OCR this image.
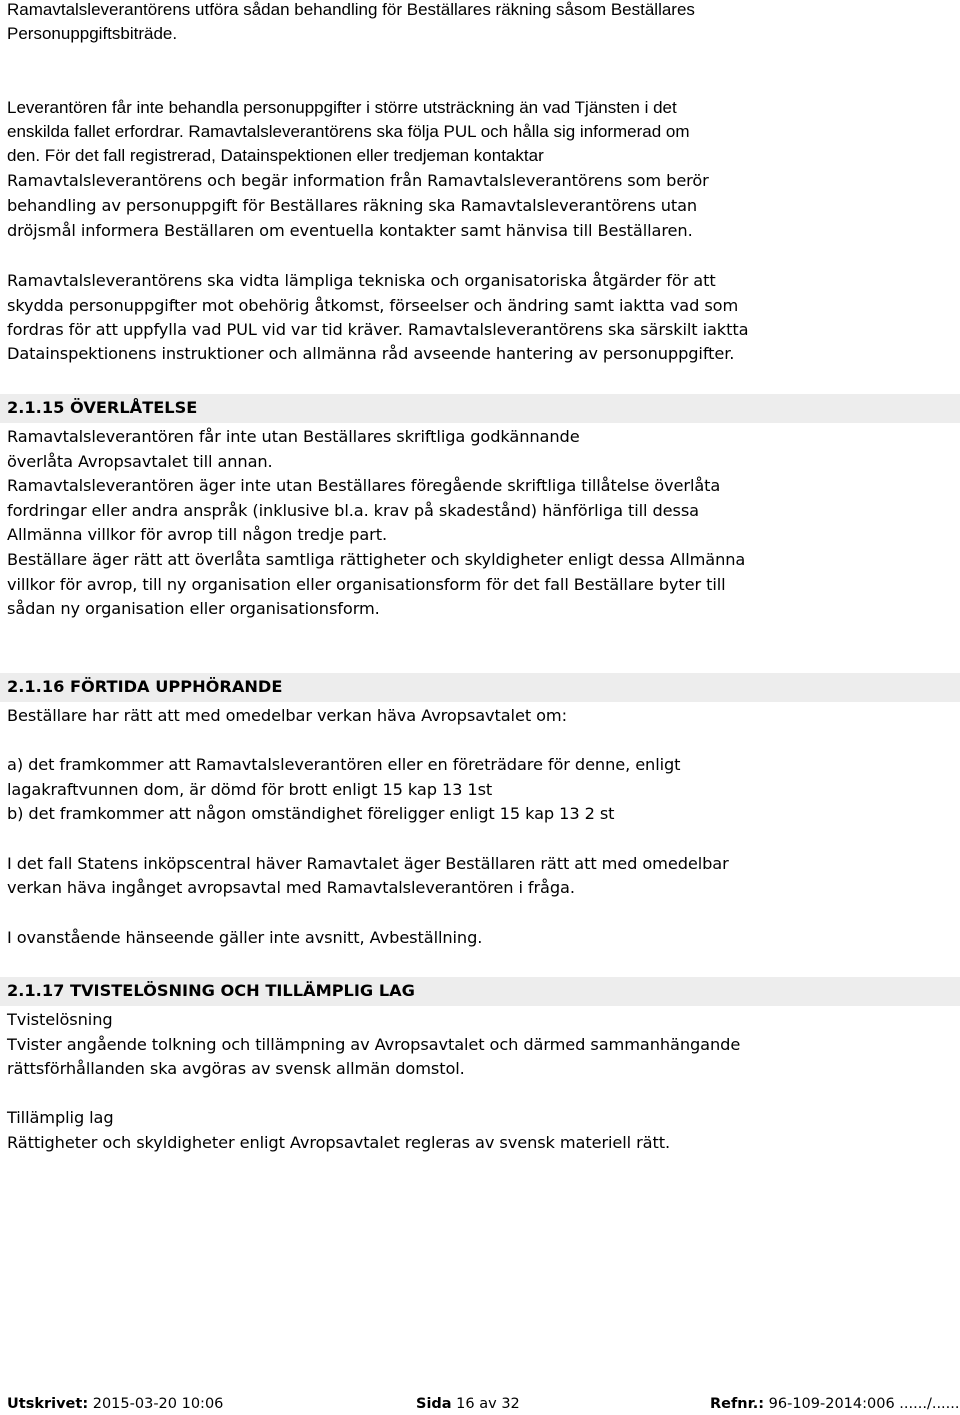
Ramavtalsleverantörens utföra sådan behandling för Beställares räkning såsom Beställares
Personuppgiftsbiträde.
Leverantören får inte behandla personuppgifter i större utsträckning än vad Tjänsten i det
enskilda fallet erfordrar. Ramavtalsleverantörens ska följa PUL och hålla sig informerad om
den. För det fall registrerad, Datainspektionen eller tredjeman kontaktar
Ramavtalsleverantörens och begär information från Ramavtalsleverantörens som berör
behandling av personuppgift för Beställares räkning ska Ramavtalsleverantörens utan
dröjsmål informera Beställaren om eventuella kontakter samt hänvisa till Beställaren.
Ramavtalsleverantörens ska vidta lämpliga tekniska och organisatoriska åtgärder för att
skydda personuppgifter mot obehörig åtkomst, förseelser och ändring samt iaktta vad som
fordras för att uppfylla vad PUL vid var tid kräver. Ramavtalsleverantörens ska särskilt iaktta
Datainspektionens instruktioner och allmänna råd avseende hantering av personuppgifter.
2.1.15 ÖVERLÅTELSE
Ramavtalsleverantören får inte utan Beställares skriftliga godkännande
överlåta Avropsavtalet till annan.
Ramavtalsleverantören äger inte utan Beställares föregående skriftliga tillåtelse överlåta
fordringar eller andra anspråk (inklusive bl.a. krav på skadestånd) hänförliga till dessa
Allmänna villkor för avrop till någon tredje part.
Beställare äger rätt att överlåta samtliga rättigheter och skyldigheter enligt dessa Allmänna
villkor för avrop, till ny organisation eller organisationsform för det fall Beställare byter till
sådan ny organisation eller organisationsform.
2.1.16 FÖRTIDA UPPHÖRANDE
Beställare har rätt att med omedelbar verkan häva Avropsavtalet om:
a) det framkommer att Ramavtalsleverantören eller en företrädare för denne, enligt
lagakraftvunnen dom, är dömd för brott enligt 15 kap 13 1st
b) det framkommer att någon omständighet föreligger enligt 15 kap 13 2 st
I det fall Statens inköpscentral häver Ramavtalet äger Beställaren rätt att med omedelbar
verkan häva ingånget avropsavtal med Ramavtalsleverantören i fråga.
I ovanstående hänseende gäller inte avsnitt, Avbeställning.
2.1.17 TVISTELÖSNING OCH TILLÄMPLIG LAG
Tvistelösning
Tvister angående tolkning och tillämpning av Avropsavtalet och därmed sammanhängande
rättsförhållanden ska avgöras av svensk allmän domstol.
Tillämplig lag
Rättigheter och skyldigheter enligt Avropsavtalet regleras av svensk materiell rätt.
Utskrivet: 2015-03-20 10:06	Sida 16 av 32	Refnr.: 96-109-2014:006 ....../......
